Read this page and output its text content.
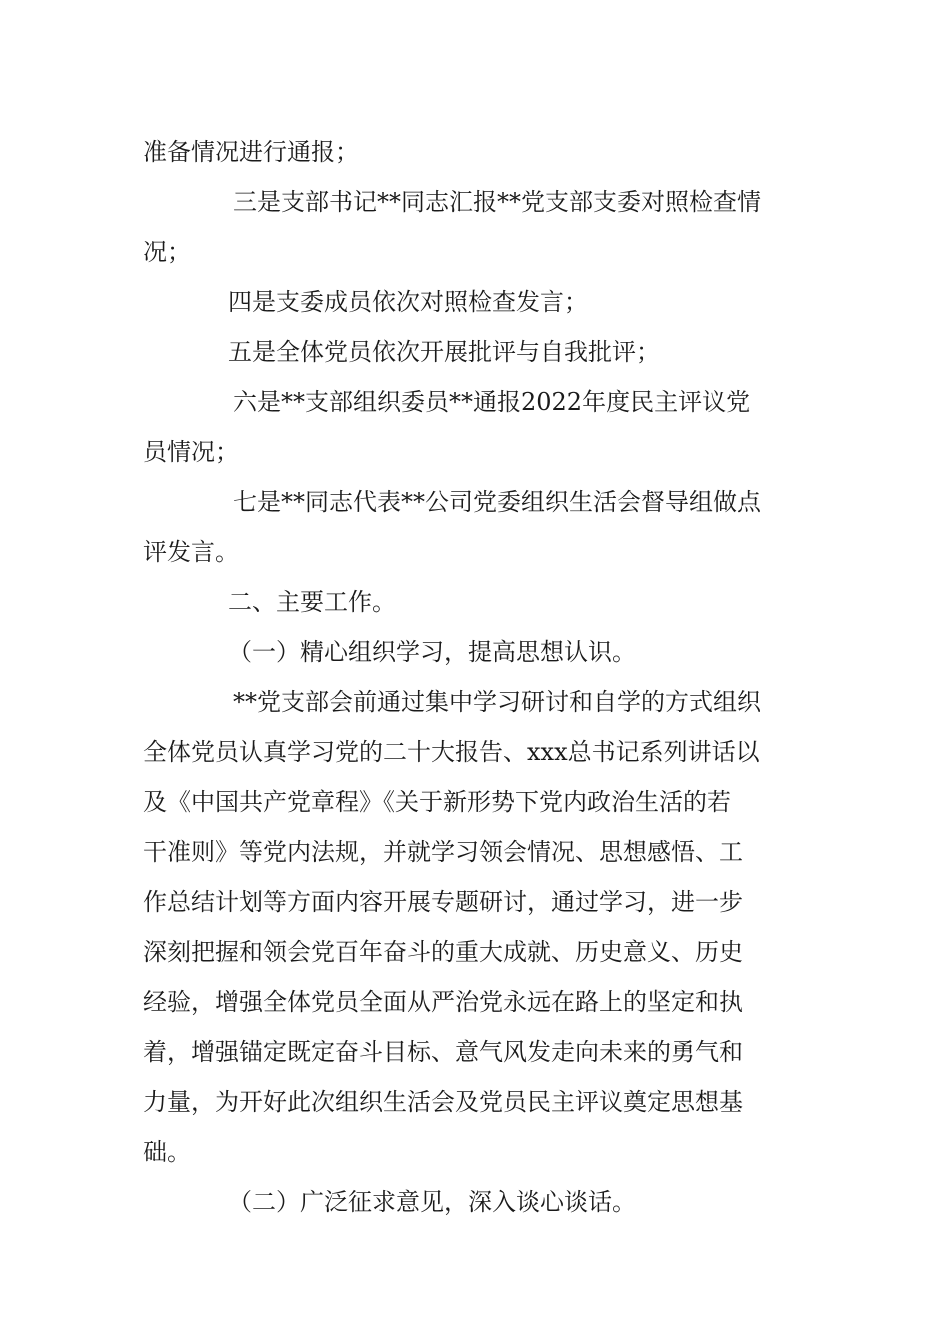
准备情况进行通报；

三是支部书记**同志汇报**党支部支委对照检查情

况；

四是支委成员依次对照检查发言；

五是全体党员依次开展批评与自我批评；

六是**支部组织委员**通报2022年度民主评议党

员情况；

七是**同志代表**公司党委组织生活会督导组做点

评发言。

二、主要工作。

（一）精心组织学习，提高思想认识。

**党支部会前通过集中学习研讨和自学的方式组织

全体党员认真学习党的二十大报告、xxx总书记系列讲话以

及《中国共产党章程》《关于新形势下党内政治生活的若

干准则》等党内法规，并就学习领会情况、思想感悟、工

作总结计划等方面内容开展专题研讨，通过学习，进一步

深刻把握和领会党百年奋斗的重大成就、历史意义、历史

经验，增强全体党员全面从严治党永远在路上的坚定和执

着，增强锚定既定奋斗目标、意气风发走向未来的勇气和

力量，为开好此次组织生活会及党员民主评议奠定思想基

础。

（二）广泛征求意见，深入谈心谈话。
